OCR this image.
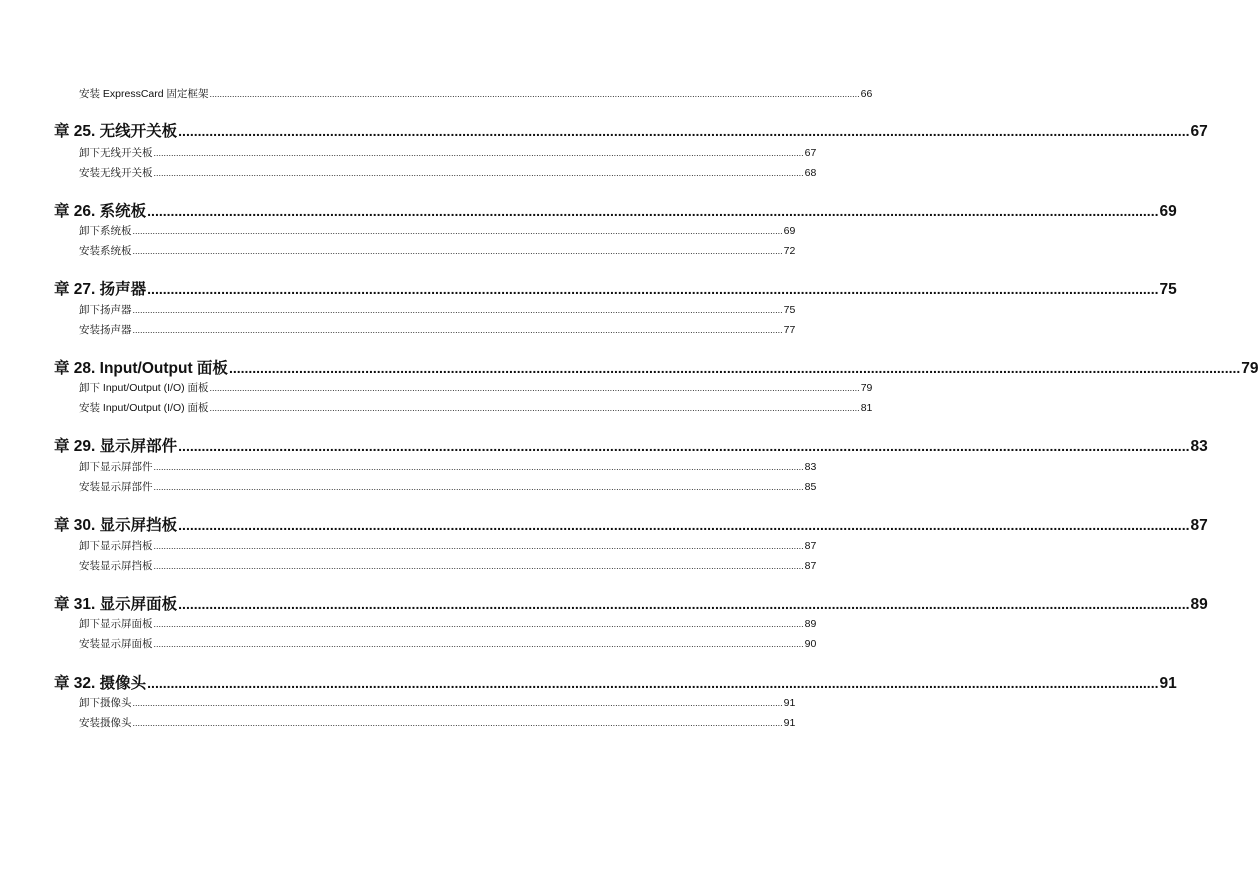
安装 ExpressCard 固定框架 .................................................................................................................................................................................................................................................................... 66
章 25. 无线开关板 .................................................................................................................................................................................................................................................................... 67
卸下无线开关板 .................................................................................................................................................................................................................................................................... 67
安装无线开关板 .................................................................................................................................................................................................................................................................... 68
章 26. 系统板 .................................................................................................................................................................................................................................................................... 69
卸下系统板 .................................................................................................................................................................................................................................................................... 69
安装系统板 .................................................................................................................................................................................................................................................................... 72
章 27. 扬声器 .................................................................................................................................................................................................................................................................... 75
卸下扬声器 .................................................................................................................................................................................................................................................................... 75
安装扬声器 .................................................................................................................................................................................................................................................................... 77
章 28. Input/Output 面板 .................................................................................................................................................................................................................................................................... 79
卸下 Input/Output (I/O) 面板 .................................................................................................................................................................................................................................................................... 79
安装 Input/Output (I/O) 面板 .................................................................................................................................................................................................................................................................... 81
章 29. 显示屏部件 .................................................................................................................................................................................................................................................................... 83
卸下显示屏部件 .................................................................................................................................................................................................................................................................... 83
安装显示屏部件 .................................................................................................................................................................................................................................................................... 85
章 30. 显示屏挡板 .................................................................................................................................................................................................................................................................... 87
卸下显示屏挡板 .................................................................................................................................................................................................................................................................... 87
安装显示屏挡板 .................................................................................................................................................................................................................................................................... 87
章 31. 显示屏面板 .................................................................................................................................................................................................................................................................... 89
卸下显示屏面板 .................................................................................................................................................................................................................................................................... 89
安装显示屏面板 .................................................................................................................................................................................................................................................................... 90
章 32. 摄像头 .................................................................................................................................................................................................................................................................... 91
卸下摄像头 .................................................................................................................................................................................................................................................................... 91
安装摄像头 .................................................................................................................................................................................................................................................................... 91
